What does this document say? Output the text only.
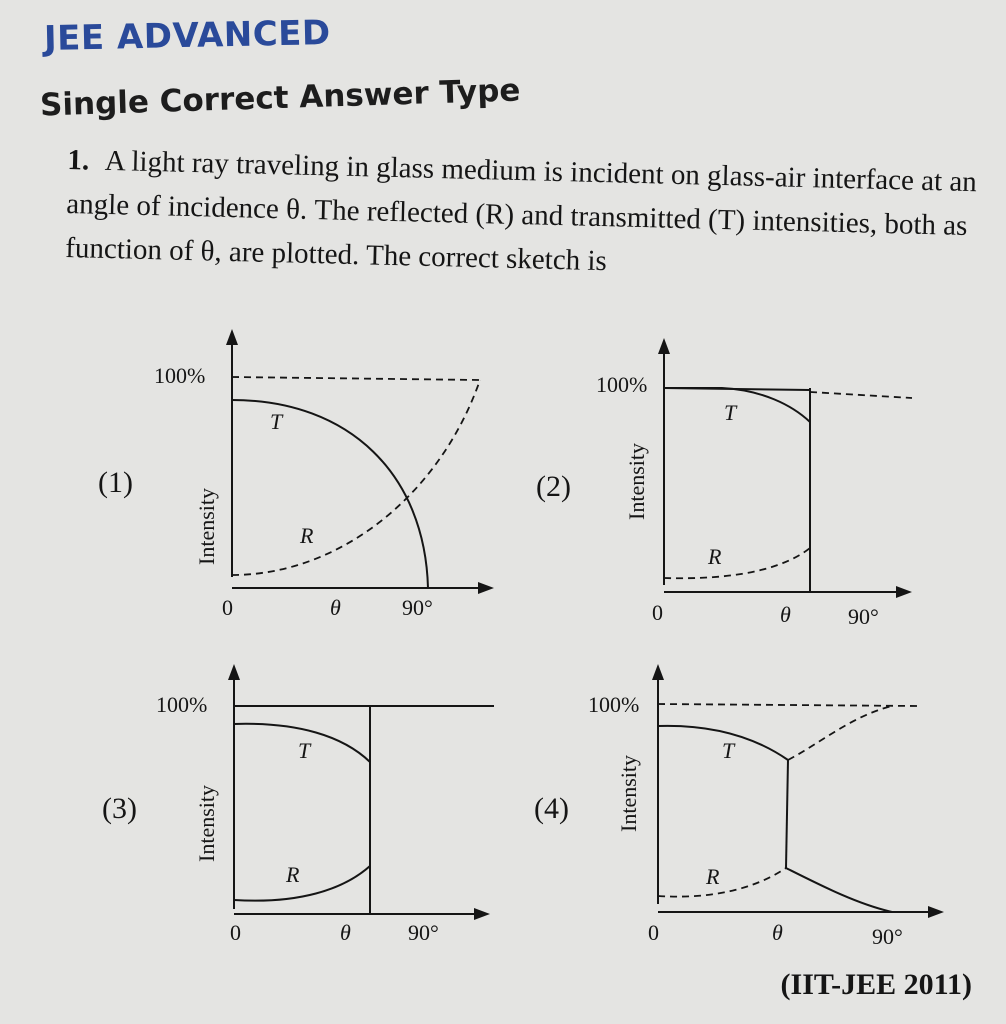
JEE ADVANCED
Single Correct Answer Type
1. A light ray traveling in glass medium is incident on glass-air interface at an angle of incidence θ. The reflected (R) and transmitted (T) intensities, both as function of θ, are plotted. The correct sketch is
(1)
100%
Intensity
0	θ	90°
T
R
(2)
100%
Intensity
0	θ	90°
T
R
(3)
100%
Intensity
0	θ	90°
T
R
(4)
100%
Intensity
0	θ	90°
T
R
(IIT-JEE 2011)
